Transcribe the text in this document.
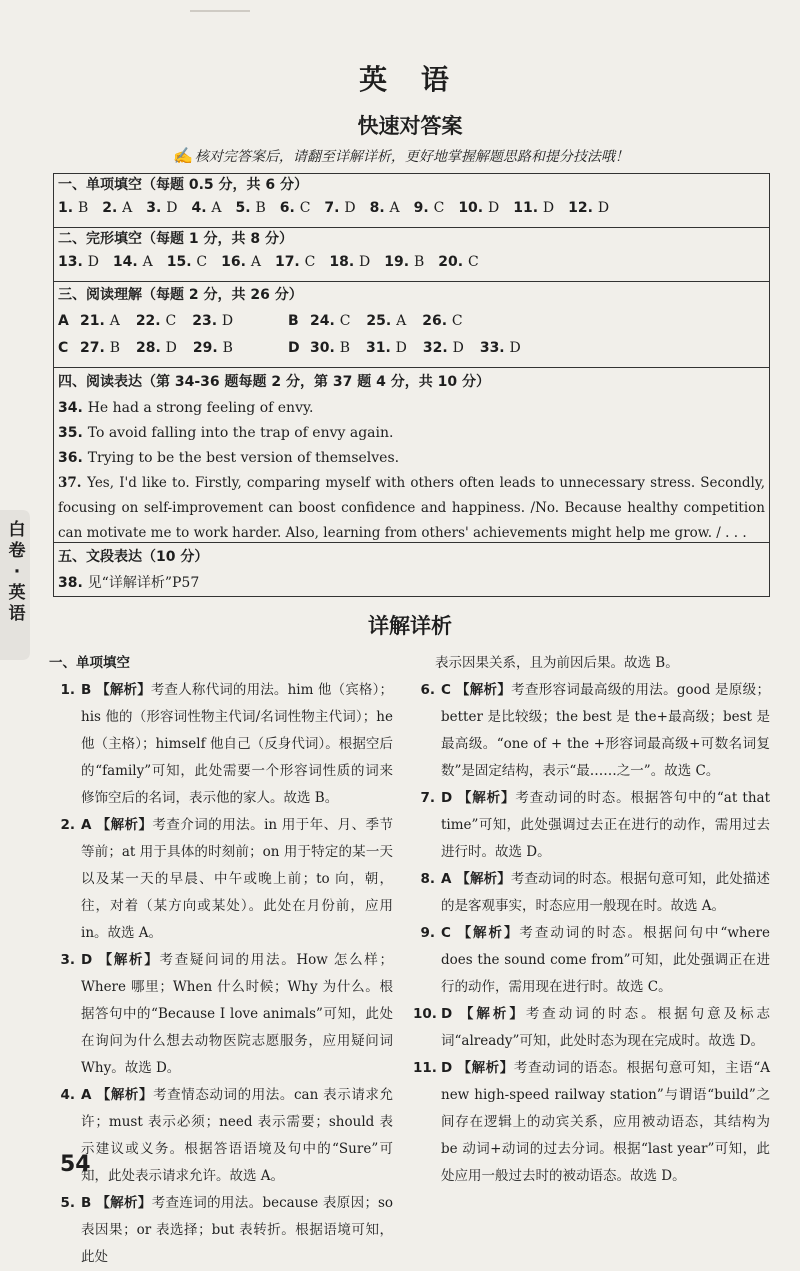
英 语
快速对答案
✍ 核对完答案后，请翻至详解详析，更好地掌握解题思路和提分技法哦！
一、单项填空（每题 0.5 分，共 6 分）
1. B 2. A 3. D 4. A 5. B 6. C 7. D 8. A 9. C 10. D 11. D 12. D
二、完形填空（每题 1 分，共 8 分）
13. D 14. A 15. C 16. A 17. C 18. D 19. B 20. C
三、阅读理解（每题 2 分，共 26 分）
A 21. A 22. C 23. D	B 24. C 25. A 26. C
C 27. B 28. D 29. B	D 30. B 31. D 32. D 33. D
四、阅读表达（第 34-36 题每题 2 分，第 37 题 4 分，共 10 分）
34. He had a strong feeling of envy.
35. To avoid falling into the trap of envy again.
36. Trying to be the best version of themselves.
37. Yes, I'd like to. Firstly, comparing myself with others often leads to unnecessary stress. Secondly, focusing on self-improvement can boost confidence and happiness. /No. Because healthy competition can motivate me to work harder. Also, learning from others' achievements might help me grow. / . . .
五、文段表达（10 分）
38. 见“详解详析”P57
白卷·英语	详解详析
一、单项填空
1. B 【解析】考查人称代词的用法。him 他（宾格）；his 他的（形容词性物主代词/名词性物主代词）；he 他（主格）；himself 他自己（反身代词）。根据空后的“family”可知，此处需要一个形容词性质的词来修饰空后的名词，表示他的家人。故选 B。
2. A 【解析】考查介词的用法。in 用于年、月、季节等前；at 用于具体的时刻前；on 用于特定的某一天以及某一天的早晨、中午或晚上前；to 向，朝，往，对着（某方向或某处）。此处在月份前，应用 in。故选 A。
3. D 【解析】考查疑问词的用法。How 怎么样；Where 哪里；When 什么时候；Why 为什么。根据答句中的“Because I love animals”可知，此处在询问为什么想去动物医院志愿服务，应用疑问词 Why。故选 D。
4. A 【解析】考查情态动词的用法。can 表示请求允许；must 表示必须；need 表示需要；should 表示建议或义务。根据答语语境及句中的“Sure”可知，此处表示请求允许。故选 A。
5. B 【解析】考查连词的用法。because 表原因；so 表因果；or 表选择；but 表转折。根据语境可知，此处
表示因果关系，且为前因后果。故选 B。
6. C 【解析】考查形容词最高级的用法。good 是原级；better 是比较级；the best 是 the+最高级；best 是最高级。“one of + the +形容词最高级+可数名词复数”是固定结构，表示“最……之一”。故选 C。
7. D 【解析】考查动词的时态。根据答句中的“at that time”可知，此处强调过去正在进行的动作，需用过去进行时。故选 D。
8. A 【解析】考查动词的时态。根据句意可知，此处描述的是客观事实，时态应用一般现在时。故选 A。
9. C 【解析】考查动词的时态。根据问句中“where does the sound come from”可知，此处强调正在进行的动作，需用现在进行时。故选 C。
10. D 【解析】考查动词的时态。根据句意及标志词“already”可知，此处时态为现在完成时。故选 D。
11. D 【解析】考查动词的语态。根据句意可知，主语“A new high-speed railway station”与谓语“build”之间存在逻辑上的动宾关系，应用被动语态，其结构为 be 动词+动词的过去分词。根据“last year”可知，此处应用一般过去时的被动语态。故选 D。
54
